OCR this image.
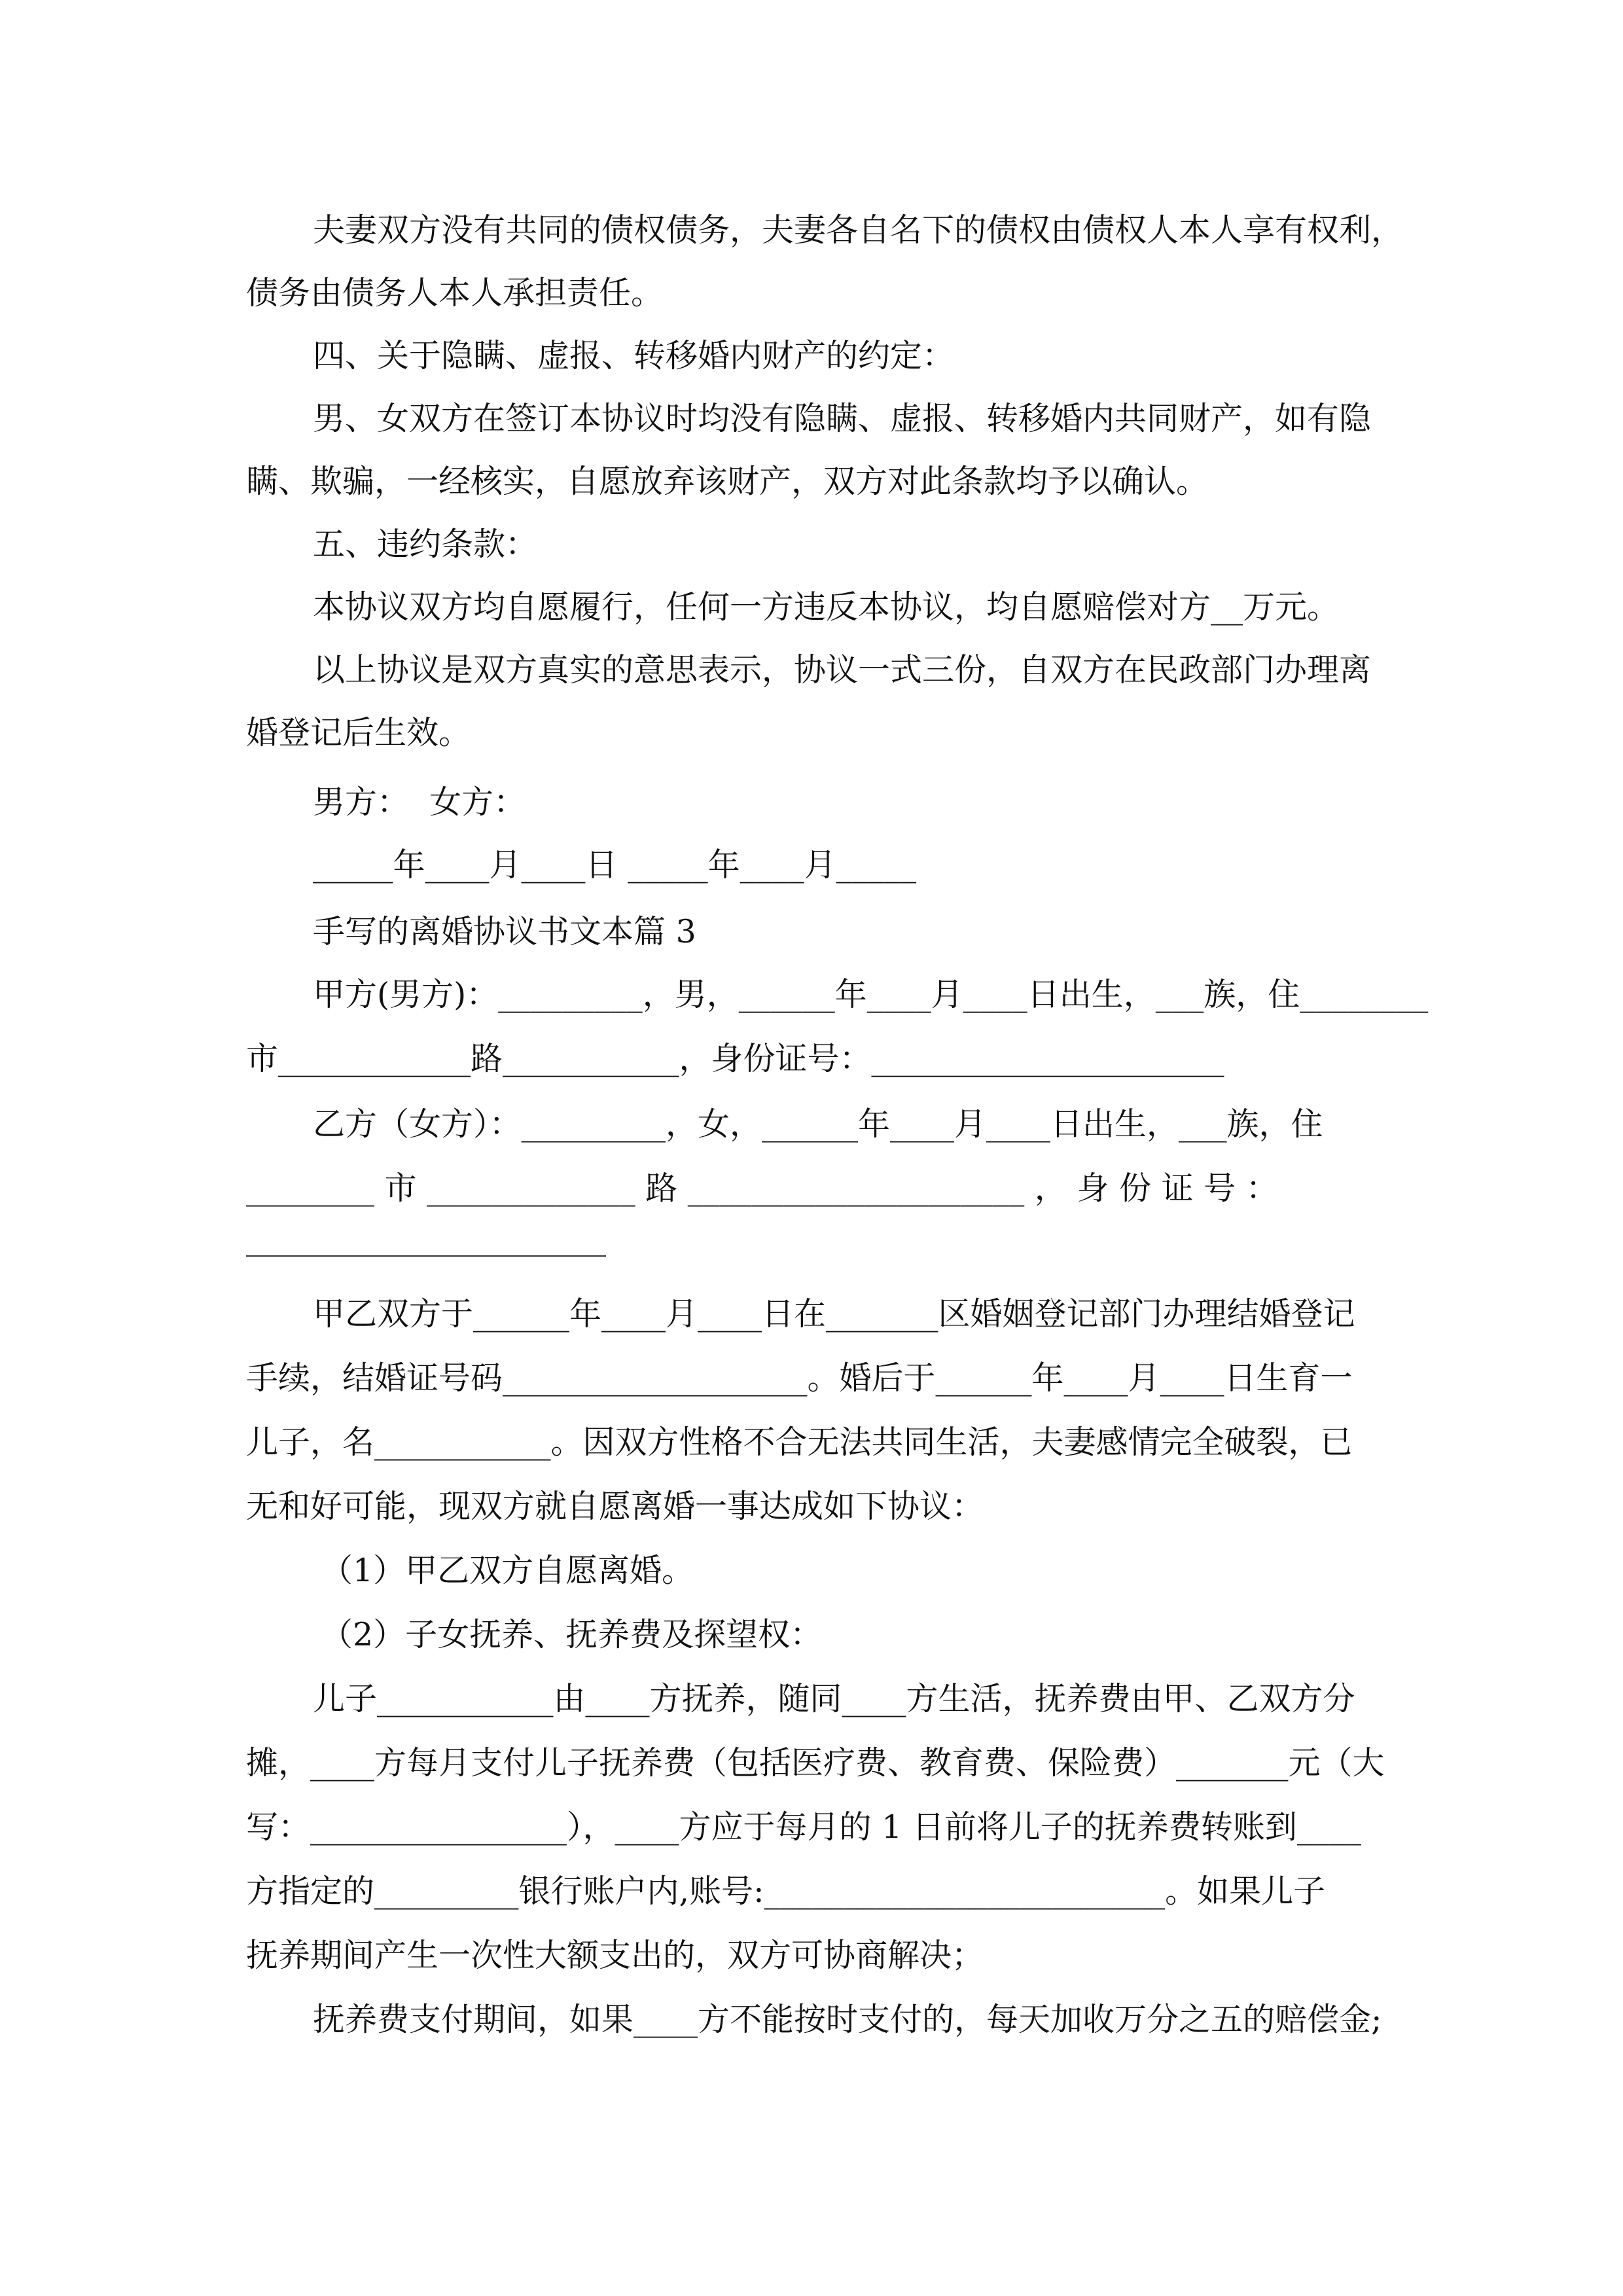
夫妻双方没有共同的债权债务，夫妻各自名下的债权由债权人本人享有权利，
债务由债务人本人承担责任。
四、关于隐瞒、虚报、转移婚内财产的约定：
男、女双方在签订本协议时均没有隐瞒、虚报、转移婚内共同财产，如有隐
瞒、欺骗，一经核实，自愿放弃该财产，双方对此条款均予以确认。
五、违约条款：
本协议双方均自愿履行，任何一方违反本协议，均自愿赔偿对方__万元。
以上协议是双方真实的意思表示，协议一式三份，自双方在民政部门办理离
婚登记后生效。
男方：  女方：
_____年____月____日 _____年____月_____
手写的离婚协议书文本篇 3
甲方(男方)：_________，男，______年____月____日出生，___族，住________
市____________路___________，身份证号：______________________
乙方（女方）：_________，女，______年____月____日出生，___族，住
________ 市 _____________ 路 _____________________ ， 身 份 证 号 ：
甲乙双方于______年____月____日在_______区婚姻登记部门办理结婚登记
手续，结婚证号码___________________。婚后于______年____月____日生育一
儿子，名___________。因双方性格不合无法共同生活，夫妻感情完全破裂，已
无和好可能，现双方就自愿离婚一事达成如下协议：
（1）甲乙双方自愿离婚。
（2）子女抚养、抚养费及探望权：
儿子___________由____方抚养，随同____方生活，抚养费由甲、乙双方分
摊，____方每月支付儿子抚养费（包括医疗费、教育费、保险费）_______元（大
写：________________），____方应于每月的 1 日前将儿子的抚养费转账到____
方指定的_________银行账户内,账号:_________________________。如果儿子
抚养期间产生一次性大额支出的，双方可协商解决；
抚养费支付期间，如果____方不能按时支付的，每天加收万分之五的赔偿金;
